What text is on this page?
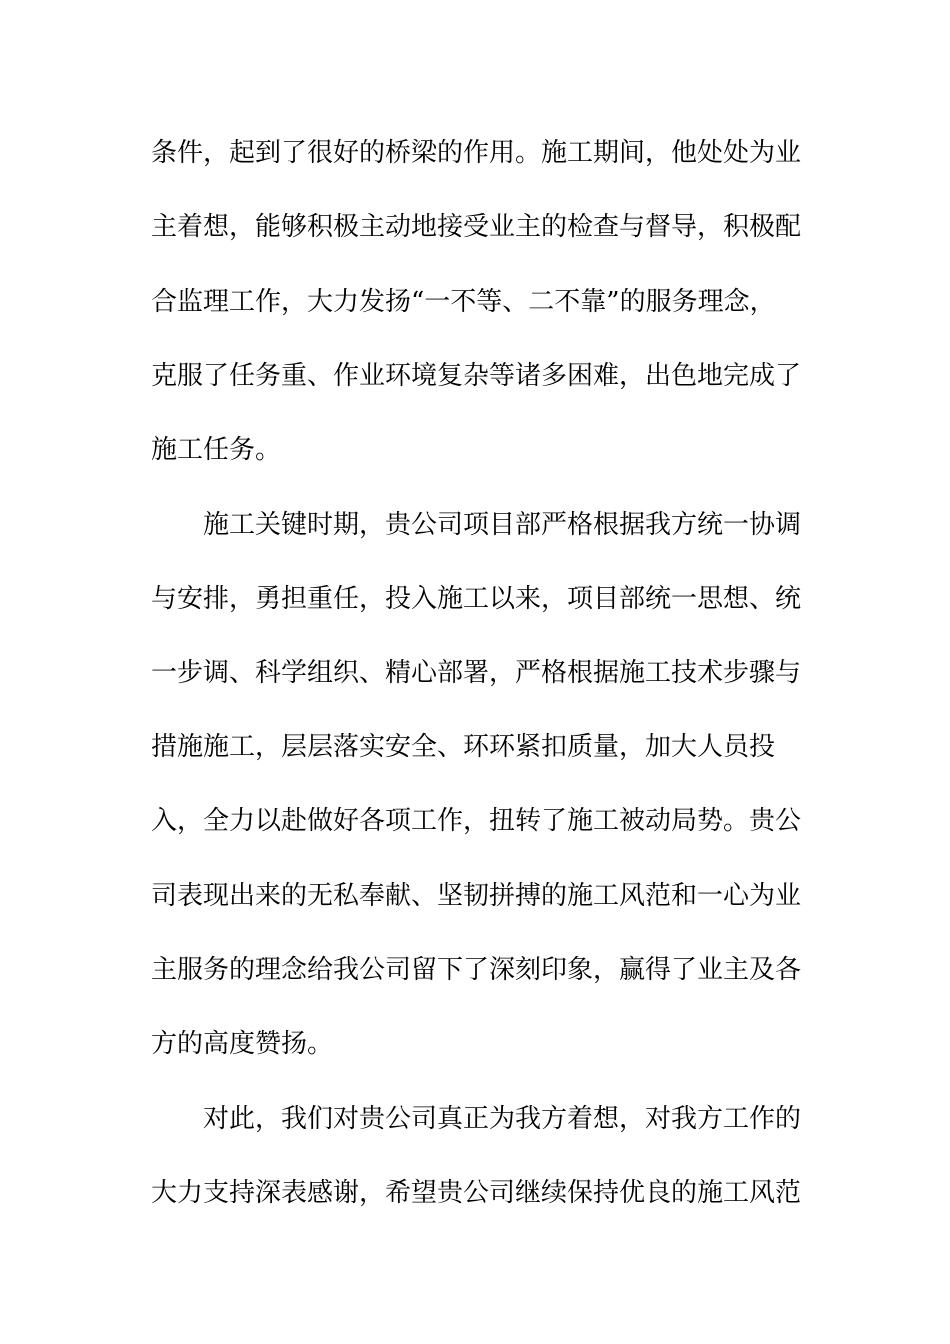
条件，起到了很好的桥梁的作用。施工期间，他处处为业
主着想，能够积极主动地接受业主的检查与督导，积极配
合监理工作，大力发扬“一不等、二不靠”的服务理念，
克服了任务重、作业环境复杂等诸多困难，出色地完成了
施工任务。
施工关键时期，贵公司项目部严格根据我方统一协调
与安排，勇担重任，投入施工以来，项目部统一思想、统
一步调、科学组织、精心部署，严格根据施工技术步骤与
措施施工，层层落实安全、环环紧扣质量，加大人员投
入，全力以赴做好各项工作，扭转了施工被动局势。贵公
司表现出来的无私奉献、坚韧拼搏的施工风范和一心为业
主服务的理念给我公司留下了深刻印象，赢得了业主及各
方的高度赞扬。
对此，我们对贵公司真正为我方着想，对我方工作的
大力支持深表感谢，希望贵公司继续保持优良的施工风范
